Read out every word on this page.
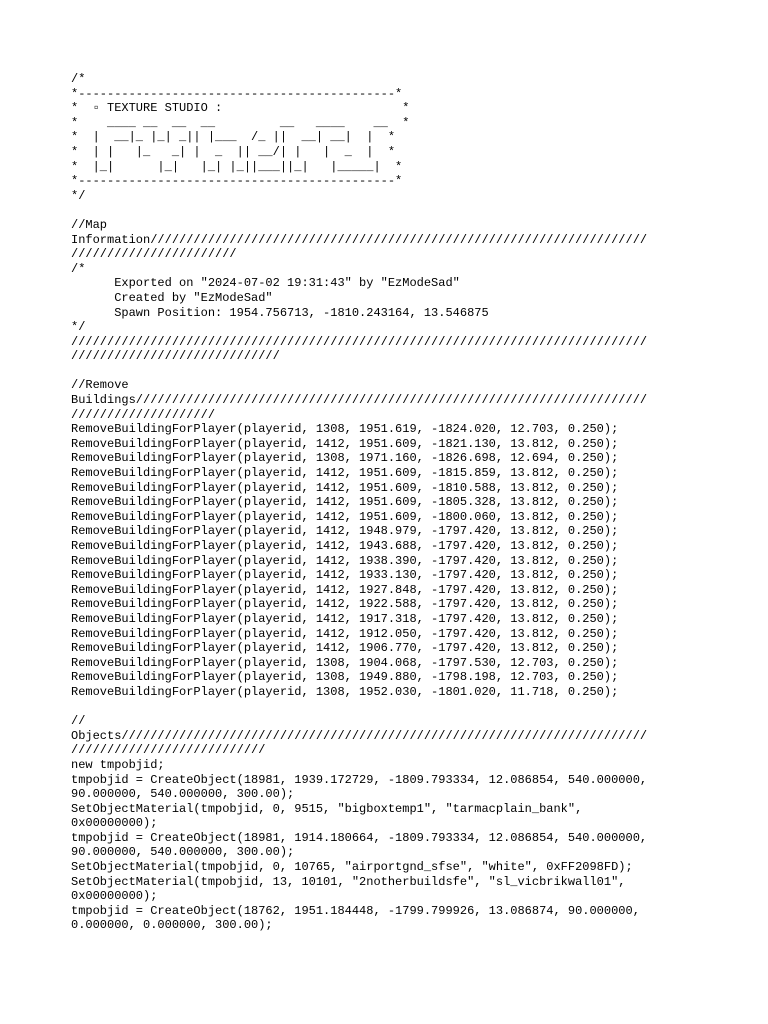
/*
*--------------------------------------------*
*  ▫ TEXTURE STUDIO :                         *
*    ____ __  __  __         __   ____    __  *
*  |  __|_ |_| _|| |___  /_ ||  __| __|  |  *
*  | |   |_   _| |  _  || __/| |   |  _  |  *
*  |_|      |_|   |_| |_||___||_|   |_____|  *
*--------------------------------------------*
*/
//Map
Information/////////////////////////////////////////////////////////////////////
///////////////////////
/*
Exported on "2024-07-02 19:31:43" by "EzModeSad"
Created by "EzModeSad"
Spawn Position: 1954.756713, -1810.243164, 13.546875
*/
////////////////////////////////////////////////////////////////////////////////
/////////////////////////////
//Remove
Buildings///////////////////////////////////////////////////////////////////////
////////////////////
RemoveBuildingForPlayer(playerid, 1308, 1951.619, -1824.020, 12.703, 0.250);
RemoveBuildingForPlayer(playerid, 1412, 1951.609, -1821.130, 13.812, 0.250);
RemoveBuildingForPlayer(playerid, 1308, 1971.160, -1826.698, 12.694, 0.250);
RemoveBuildingForPlayer(playerid, 1412, 1951.609, -1815.859, 13.812, 0.250);
RemoveBuildingForPlayer(playerid, 1412, 1951.609, -1810.588, 13.812, 0.250);
RemoveBuildingForPlayer(playerid, 1412, 1951.609, -1805.328, 13.812, 0.250);
RemoveBuildingForPlayer(playerid, 1412, 1951.609, -1800.060, 13.812, 0.250);
RemoveBuildingForPlayer(playerid, 1412, 1948.979, -1797.420, 13.812, 0.250);
RemoveBuildingForPlayer(playerid, 1412, 1943.688, -1797.420, 13.812, 0.250);
RemoveBuildingForPlayer(playerid, 1412, 1938.390, -1797.420, 13.812, 0.250);
RemoveBuildingForPlayer(playerid, 1412, 1933.130, -1797.420, 13.812, 0.250);
RemoveBuildingForPlayer(playerid, 1412, 1927.848, -1797.420, 13.812, 0.250);
RemoveBuildingForPlayer(playerid, 1412, 1922.588, -1797.420, 13.812, 0.250);
RemoveBuildingForPlayer(playerid, 1412, 1917.318, -1797.420, 13.812, 0.250);
RemoveBuildingForPlayer(playerid, 1412, 1912.050, -1797.420, 13.812, 0.250);
RemoveBuildingForPlayer(playerid, 1412, 1906.770, -1797.420, 13.812, 0.250);
RemoveBuildingForPlayer(playerid, 1308, 1904.068, -1797.530, 12.703, 0.250);
RemoveBuildingForPlayer(playerid, 1308, 1949.880, -1798.198, 12.703, 0.250);
RemoveBuildingForPlayer(playerid, 1308, 1952.030, -1801.020, 11.718, 0.250);
//
Objects/////////////////////////////////////////////////////////////////////////
///////////////////////////
new tmpobjid;
tmpobjid = CreateObject(18981, 1939.172729, -1809.793334, 12.086854, 540.000000,
90.000000, 540.000000, 300.00);
SetObjectMaterial(tmpobjid, 0, 9515, "bigboxtemp1", "tarmacplain_bank",
0x00000000);
tmpobjid = CreateObject(18981, 1914.180664, -1809.793334, 12.086854, 540.000000,
90.000000, 540.000000, 300.00);
SetObjectMaterial(tmpobjid, 0, 10765, "airportgnd_sfse", "white", 0xFF2098FD);
SetObjectMaterial(tmpobjid, 13, 10101, "2notherbuildsfe", "sl_vicbrikwall01",
0x00000000);
tmpobjid = CreateObject(18762, 1951.184448, -1799.799926, 13.086874, 90.000000,
0.000000, 0.000000, 300.00);
